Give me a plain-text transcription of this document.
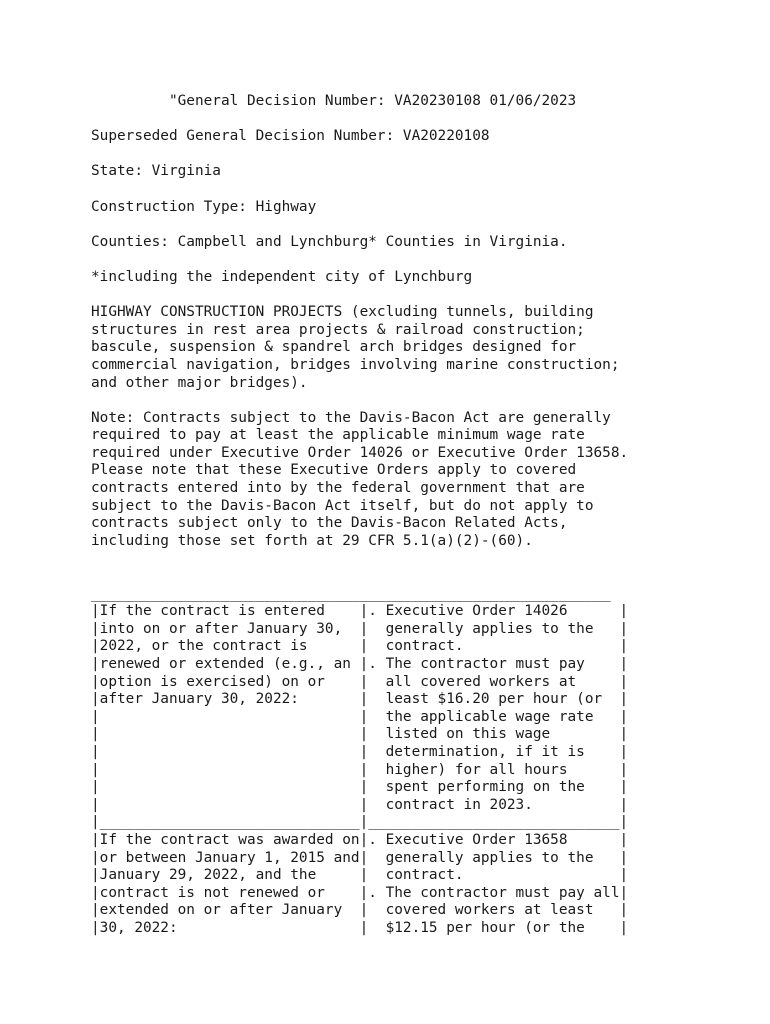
"General Decision Number: VA20230108 01/06/2023
Superseded General Decision Number: VA20220108
State: Virginia
Construction Type: Highway
Counties: Campbell and Lynchburg* Counties in Virginia.
*including the independent city of Lynchburg
HIGHWAY CONSTRUCTION PROJECTS (excluding tunnels, building
structures in rest area projects & railroad construction;
bascule, suspension & spandrel arch bridges designed for
commercial navigation, bridges involving marine construction;
and other major bridges).
Note: Contracts subject to the Davis-Bacon Act are generally
required to pay at least the applicable minimum wage rate
required under Executive Order 14026 or Executive Order 13658.
Please note that these Executive Orders apply to covered
contracts entered into by the federal government that are
subject to the Davis-Bacon Act itself, but do not apply to
contracts subject only to the Davis-Bacon Related Acts,
including those set forth at 29 CFR 5.1(a)(2)-(60).
____________________________________________________________
|If the contract is entered    |. Executive Order 14026      |
|into on or after January 30,  |  generally applies to the   |
|2022, or the contract is      |  contract.                  |
|renewed or extended (e.g., an |. The contractor must pay    |
|option is exercised) on or    |  all covered workers at     |
|after January 30, 2022:       |  least $16.20 per hour (or  |
|                              |  the applicable wage rate   |
|                              |  listed on this wage        |
|                              |  determination, if it is    |
|                              |  higher) for all hours      |
|                              |  spent performing on the    |
|                              |  contract in 2023.          |
|______________________________|_____________________________|
|If the contract was awarded on|. Executive Order 13658      |
|or between January 1, 2015 and|  generally applies to the   |
|January 29, 2022, and the     |  contract.                  |
|contract is not renewed or    |. The contractor must pay all|
|extended on or after January  |  covered workers at least   |
|30, 2022:                     |  $12.15 per hour (or the    |
